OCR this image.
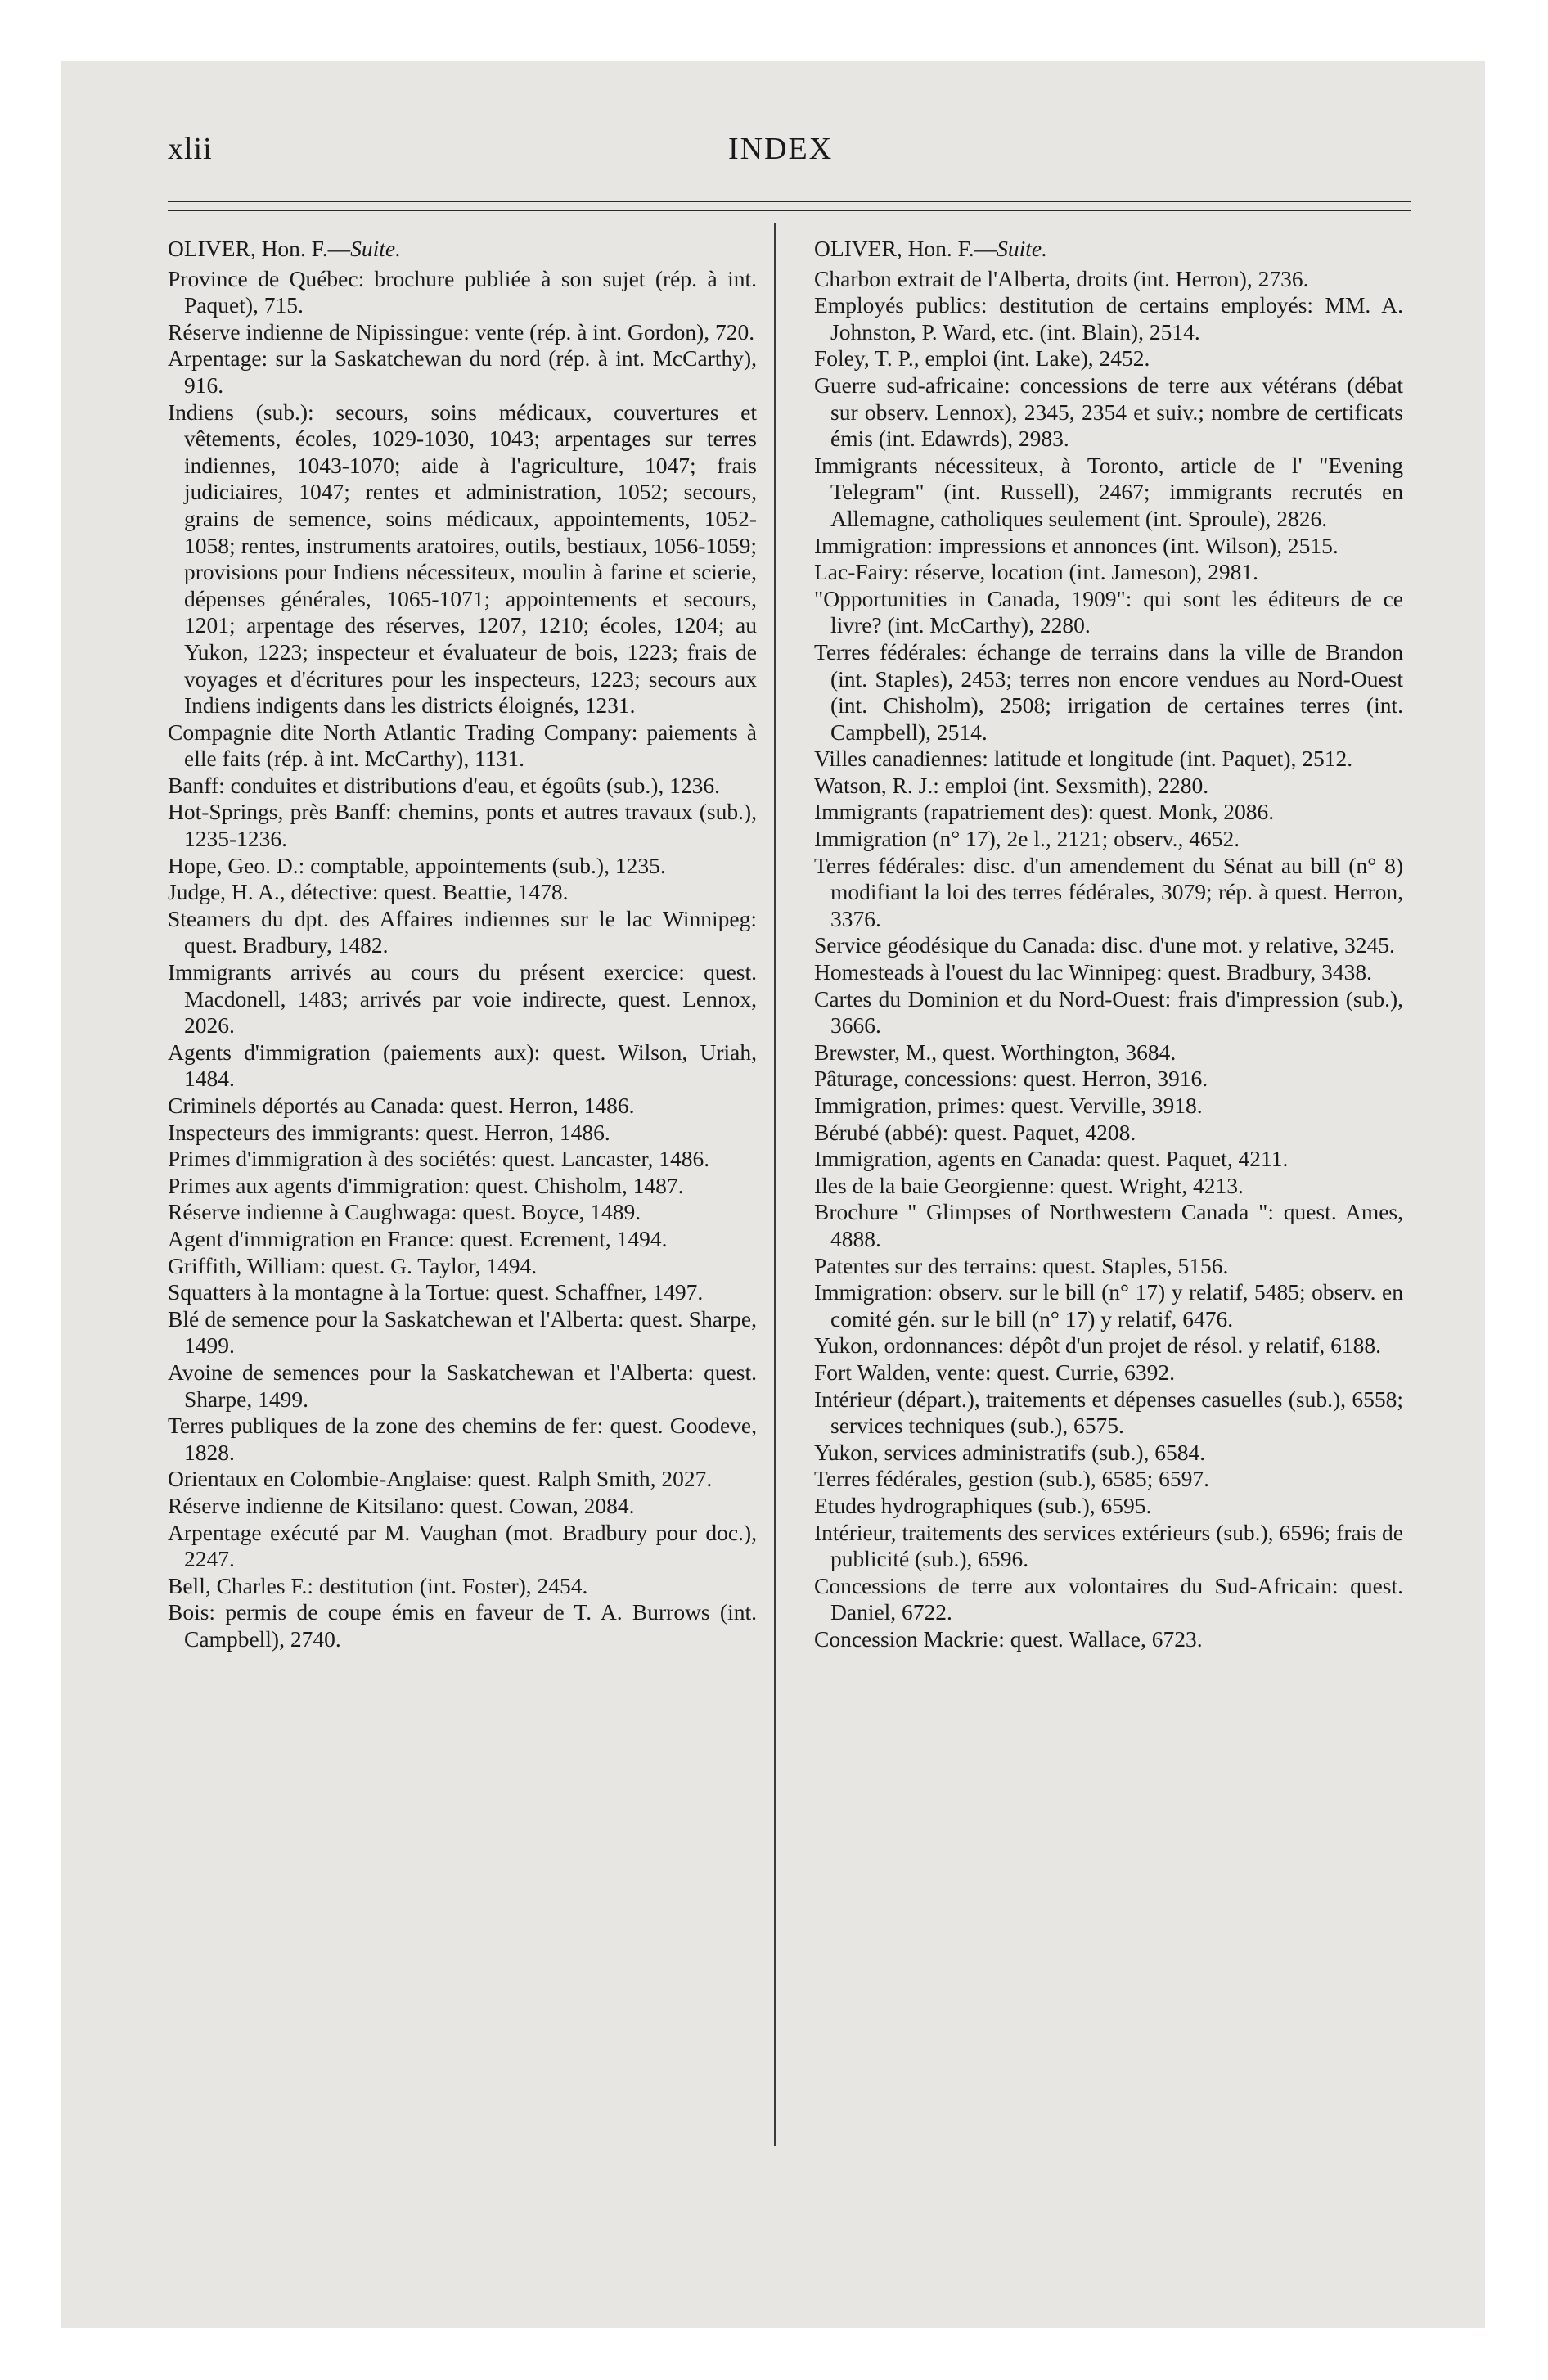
xlii	INDEX

OLIVER, Hon. F.—Suite.

Province de Québec: brochure publiée à son sujet (rép. à int. Paquet), 715.

Réserve indienne de Nipissingue: vente (rép. à int. Gordon), 720.

Arpentage: sur la Saskatchewan du nord (rép. à int. McCarthy), 916.

Indiens (sub.): secours, soins médicaux, couvertures et vêtements, écoles, 1029-1030, 1043; arpentages sur terres indiennes, 1043-1070; aide à l'agriculture, 1047; frais judiciaires, 1047; rentes et administration, 1052; secours, grains de semence, soins médicaux, appointements, 1052-1058; rentes, instruments aratoires, outils, bestiaux, 1056-1059; provisions pour Indiens nécessiteux, moulin à farine et scierie, dépenses générales, 1065-1071; appointements et secours, 1201; arpentage des réserves, 1207, 1210; écoles, 1204; au Yukon, 1223; inspecteur et évaluateur de bois, 1223; frais de voyages et d'écritures pour les inspecteurs, 1223; secours aux Indiens indigents dans les districts éloignés, 1231.

Compagnie dite North Atlantic Trading Company: paiements à elle faits (rép. à int. McCarthy), 1131.

Banff: conduites et distributions d'eau, et égoûts (sub.), 1236.

Hot-Springs, près Banff: chemins, ponts et autres travaux (sub.), 1235-1236.

Hope, Geo. D.: comptable, appointements (sub.), 1235.

Judge, H. A., détective: quest. Beattie, 1478.

Steamers du dpt. des Affaires indiennes sur le lac Winnipeg: quest. Bradbury, 1482.

Immigrants arrivés au cours du présent exercice: quest. Macdonell, 1483; arrivés par voie indirecte, quest. Lennox, 2026.

Agents d'immigration (paiements aux): quest. Wilson, Uriah, 1484.

Criminels déportés au Canada: quest. Herron, 1486.

Inspecteurs des immigrants: quest. Herron, 1486.

Primes d'immigration à des sociétés: quest. Lancaster, 1486.

Primes aux agents d'immigration: quest. Chisholm, 1487.

Réserve indienne à Caughwaga: quest. Boyce, 1489.

Agent d'immigration en France: quest. Ecrement, 1494.

Griffith, William: quest. G. Taylor, 1494.

Squatters à la montagne à la Tortue: quest. Schaffner, 1497.

Blé de semence pour la Saskatchewan et l'Alberta: quest. Sharpe, 1499.

Avoine de semences pour la Saskatchewan et l'Alberta: quest. Sharpe, 1499.

Terres publiques de la zone des chemins de fer: quest. Goodeve, 1828.

Orientaux en Colombie-Anglaise: quest. Ralph Smith, 2027.

Réserve indienne de Kitsilano: quest. Cowan, 2084.

Arpentage exécuté par M. Vaughan (mot. Bradbury pour doc.), 2247.

Bell, Charles F.: destitution (int. Foster), 2454.

Bois: permis de coupe émis en faveur de T. A. Burrows (int. Campbell), 2740.

OLIVER, Hon. F.—Suite.

Charbon extrait de l'Alberta, droits (int. Herron), 2736.

Employés publics: destitution de certains employés: MM. A. Johnston, P. Ward, etc. (int. Blain), 2514.

Foley, T. P., emploi (int. Lake), 2452.

Guerre sud-africaine: concessions de terre aux vétérans (débat sur observ. Lennox), 2345, 2354 et suiv.; nombre de certificats émis (int. Edawrds), 2983.

Immigrants nécessiteux, à Toronto, article de l' "Evening Telegram" (int. Russell), 2467; immigrants recrutés en Allemagne, catholiques seulement (int. Sproule), 2826.

Immigration: impressions et annonces (int. Wilson), 2515.

Lac-Fairy: réserve, location (int. Jameson), 2981.

"Opportunities in Canada, 1909": qui sont les éditeurs de ce livre? (int. McCarthy), 2280.

Terres fédérales: échange de terrains dans la ville de Brandon (int. Staples), 2453; terres non encore vendues au Nord-Ouest (int. Chisholm), 2508; irrigation de certaines terres (int. Campbell), 2514.

Villes canadiennes: latitude et longitude (int. Paquet), 2512.

Watson, R. J.: emploi (int. Sexsmith), 2280.

Immigrants (rapatriement des): quest. Monk, 2086.

Immigration (n° 17), 2e l., 2121; observ., 4652.

Terres fédérales: disc. d'un amendement du Sénat au bill (n° 8) modifiant la loi des terres fédérales, 3079; rép. à quest. Herron, 3376.

Service géodésique du Canada: disc. d'une mot. y relative, 3245.

Homesteads à l'ouest du lac Winnipeg: quest. Bradbury, 3438.

Cartes du Dominion et du Nord-Ouest: frais d'impression (sub.), 3666.

Brewster, M., quest. Worthington, 3684.

Pâturage, concessions: quest. Herron, 3916.

Immigration, primes: quest. Verville, 3918.

Bérubé (abbé): quest. Paquet, 4208.

Immigration, agents en Canada: quest. Paquet, 4211.

Iles de la baie Georgienne: quest. Wright, 4213.

Brochure " Glimpses of Northwestern Canada ": quest. Ames, 4888.

Patentes sur des terrains: quest. Staples, 5156.

Immigration: observ. sur le bill (n° 17) y relatif, 5485; observ. en comité gén. sur le bill (n° 17) y relatif, 6476.

Yukon, ordonnances: dépôt d'un projet de résol. y relatif, 6188.

Fort Walden, vente: quest. Currie, 6392.

Intérieur (départ.), traitements et dépenses casuelles (sub.), 6558; services techniques (sub.), 6575.

Yukon, services administratifs (sub.), 6584.

Terres fédérales, gestion (sub.), 6585; 6597.

Etudes hydrographiques (sub.), 6595.

Intérieur, traitements des services extérieurs (sub.), 6596; frais de publicité (sub.), 6596.

Concessions de terre aux volontaires du Sud-Africain: quest. Daniel, 6722.

Concession Mackrie: quest. Wallace, 6723.
